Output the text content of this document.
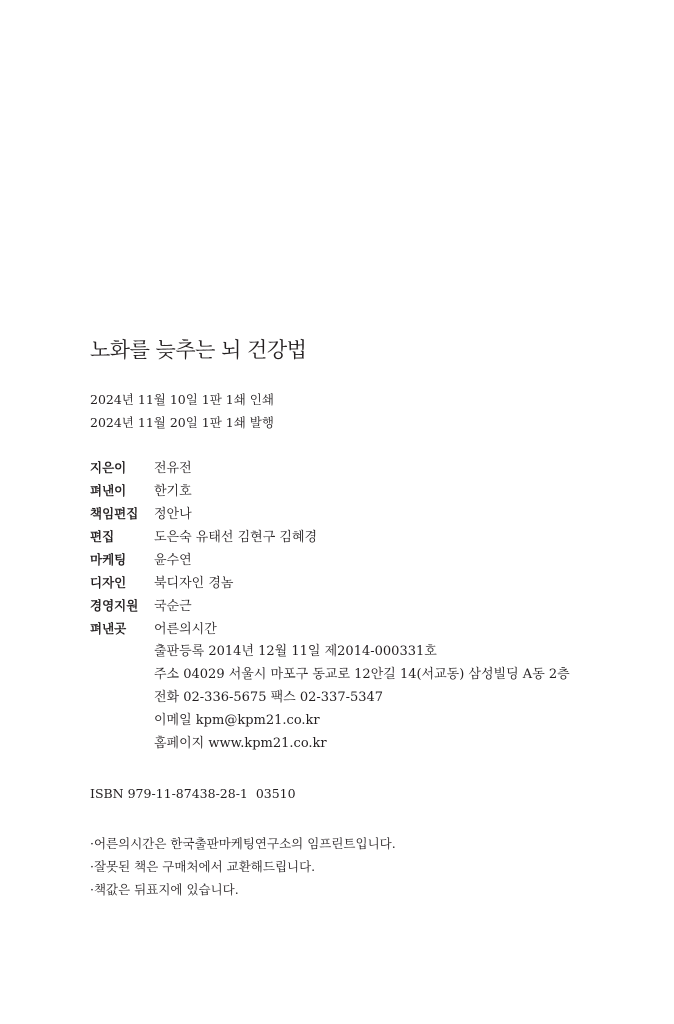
노화를 늦추는 뇌 건강법
2024년 11월 10일 1판 1쇄 인쇄
2024년 11월 20일 1판 1쇄 발행
지은이 전유전
펴낸이 한기호
책임편집 정안나
편집	도은숙 유태선 김현구 김혜경
마케팅 윤수연
디자인 북디자인 경놈
경영지원 국순근
펴낸곳 어른의시간
출판등록 2014년 12월 11일 제2014-000331호
주소 04029 서울시 마포구 동교로 12안길 14(서교동) 삼성빌딩 A동 2층
전화 02-336-5675 팩스 02-337-5347
이메일 kpm@kpm21.co.kr
홈페이지 www.kpm21.co.kr
ISBN 979-11-87438-28-1  03510
·어른의시간은 한국출판마케팅연구소의 임프린트입니다.
·잘못된 책은 구매처에서 교환해드립니다.
·책값은 뒤표지에 있습니다.
